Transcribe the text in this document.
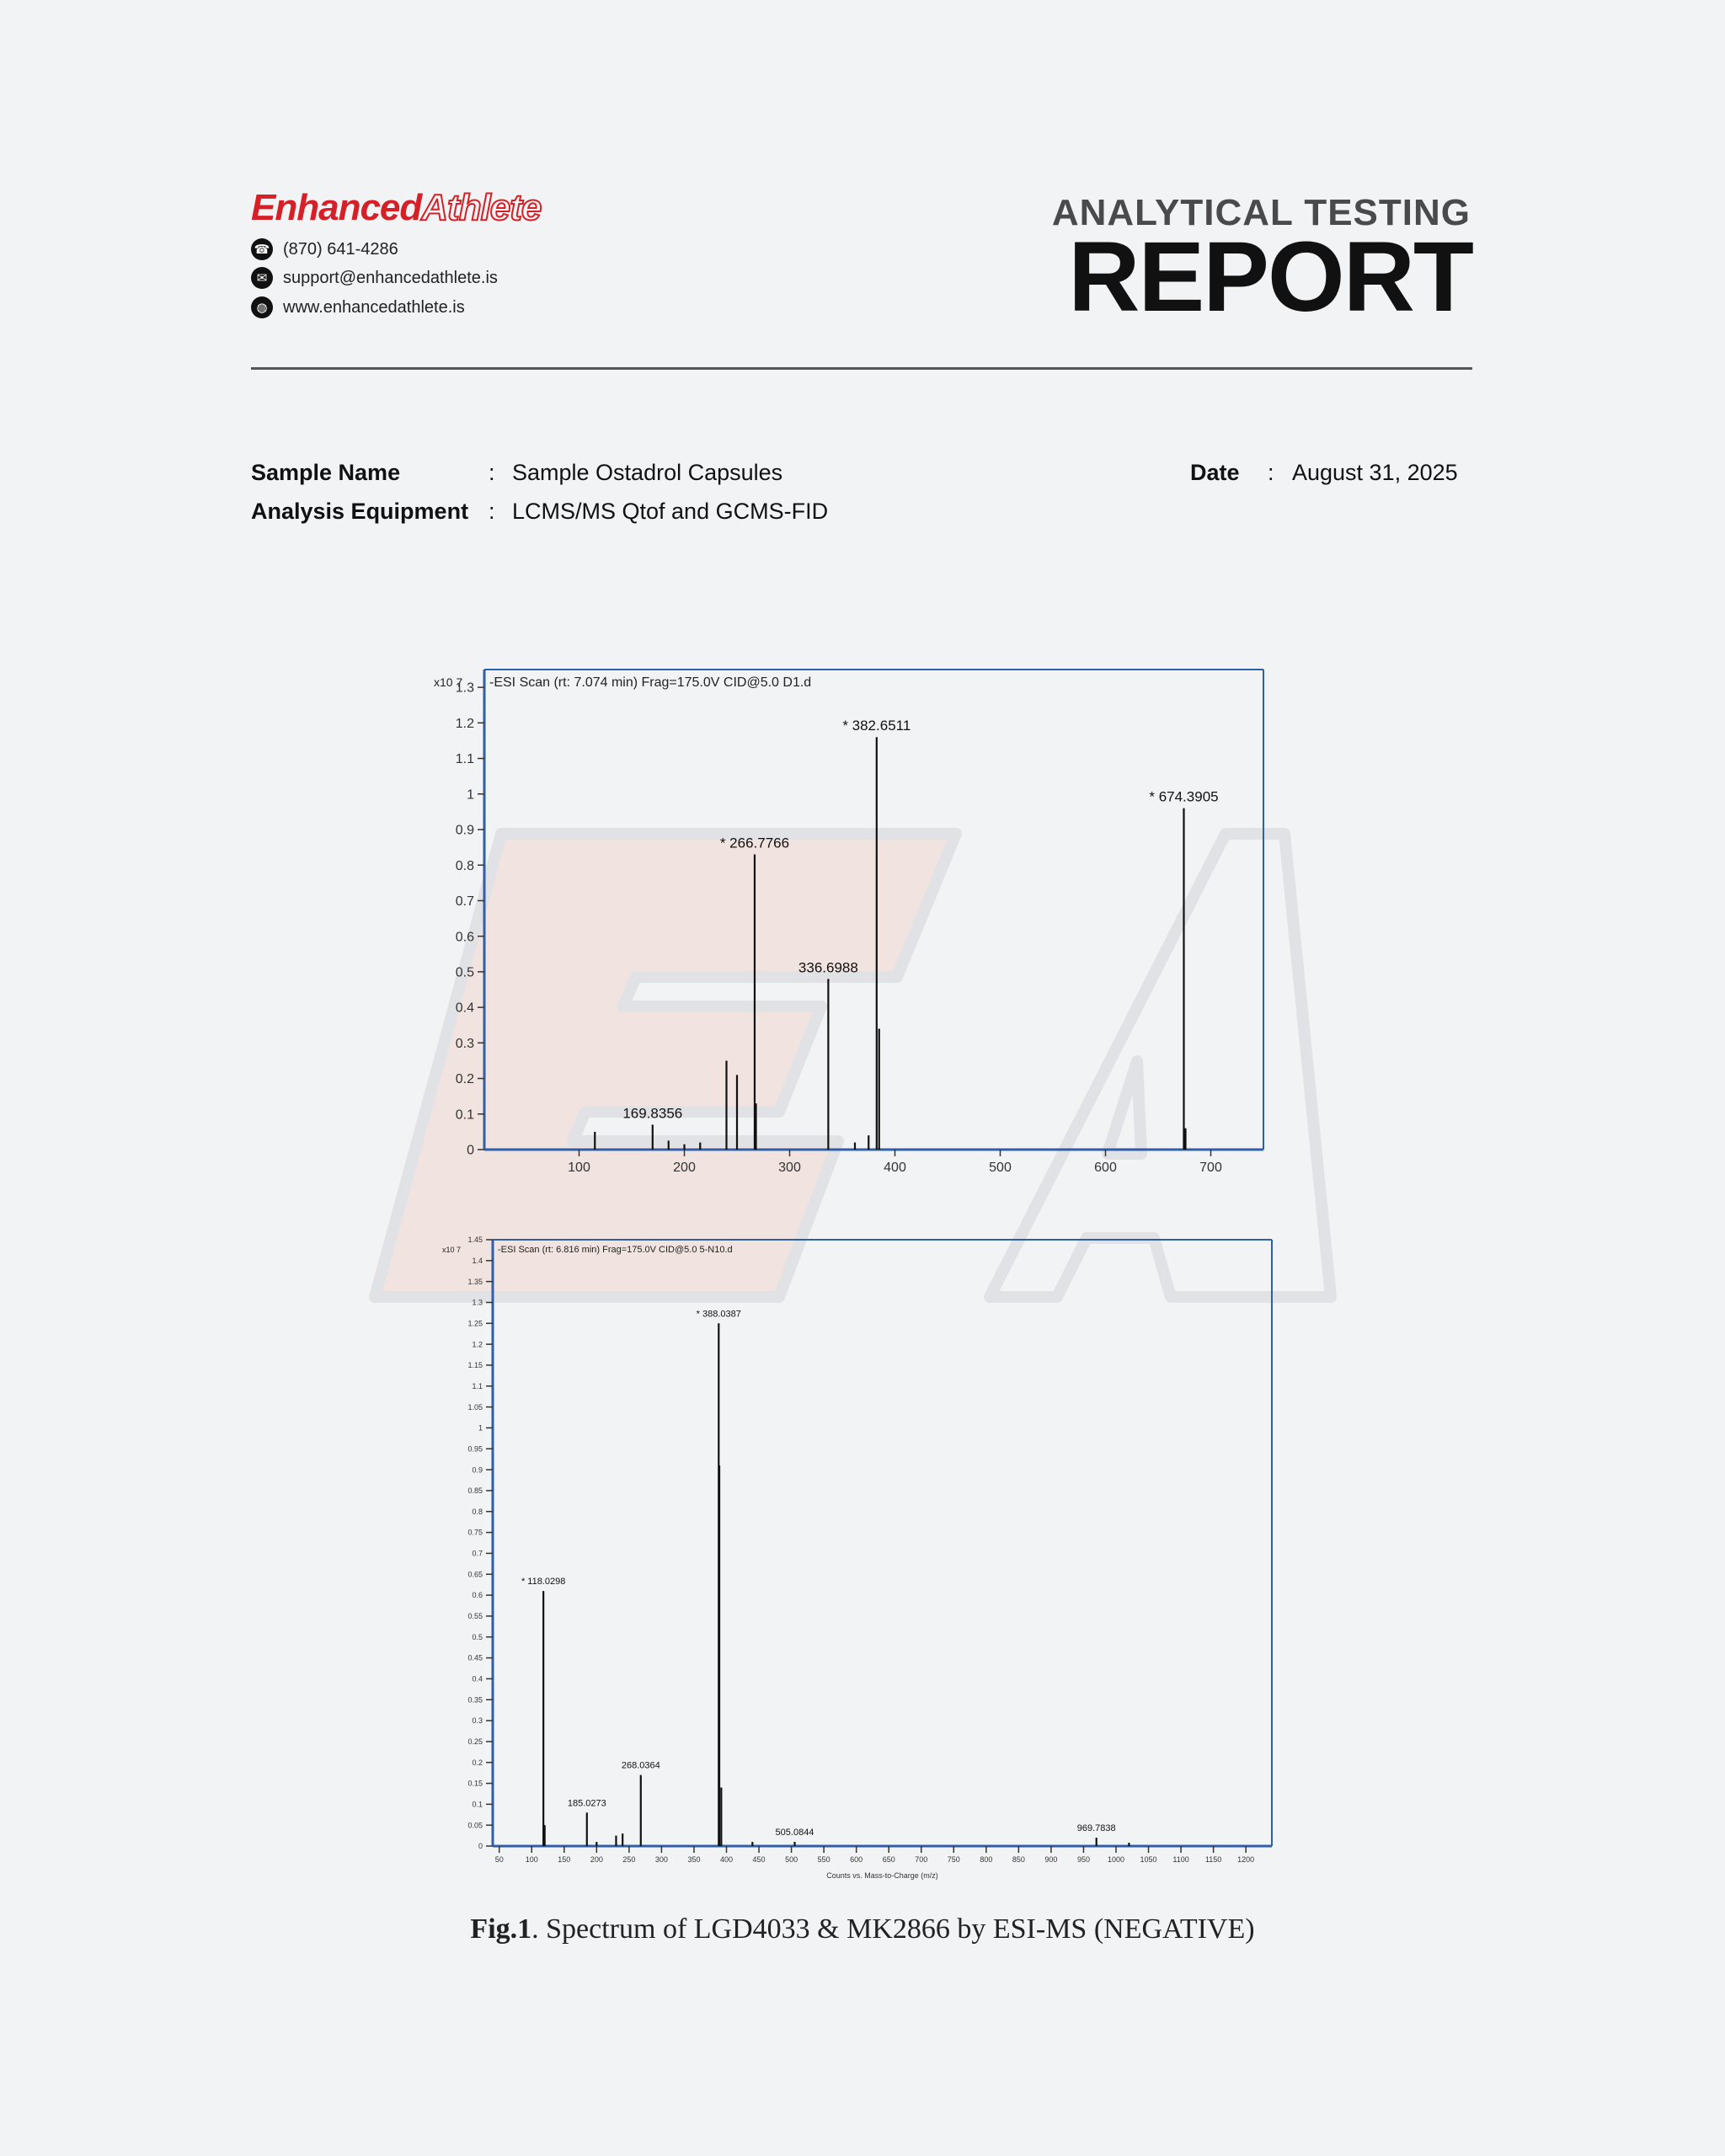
EnhancedAthlete
☎ (870) 641-4286
✉ support@enhancedathlete.is
◍ www.enhancedathlete.is
ANALYTICAL TESTING
REPORT
Sample Name	: Sample Ostadrol Capsules
Analysis Equipment : LCMS/MS Qtof and GCMS-FID
Date : August 31, 2025
-ESI Scan (rt: 7.074 min) Frag=175.0V CID@5.0 D1.d
x10 7
0
0.1
0.2
0.3
0.4
0.5
0.6
0.7
0.8
0.9
1
1.1
1.2
1.3
100	200	300	400	500	600	700
169.8356
* 266.7766
336.6988
* 382.6511
* 674.3905
-ESI Scan (rt: 6.816 min) Frag=175.0V CID@5.0 5-N10.d
x10 7
0
0.05
0.1
0.15
0.2
0.25
0.3
0.35
0.4
0.45
0.5
0.55
0.6
0.65
0.7
0.75
0.8
0.85
0.9
0.95
1
1.05
1.1
1.15
1.2
1.25
1.3
1.35
1.4
1.45
50	100	150	200	250	300	350	400	450	500	550	600	650	700	750	800	850	900	950 1000 1050 1100 1150 1200
Counts vs. Mass-to-Charge (m/z)
* 118.0298
185.0273
268.0364
* 388.0387
505.0844	969.7838
Fig.1. Spectrum of LGD4033 & MK2866 by ESI-MS (NEGATIVE)
